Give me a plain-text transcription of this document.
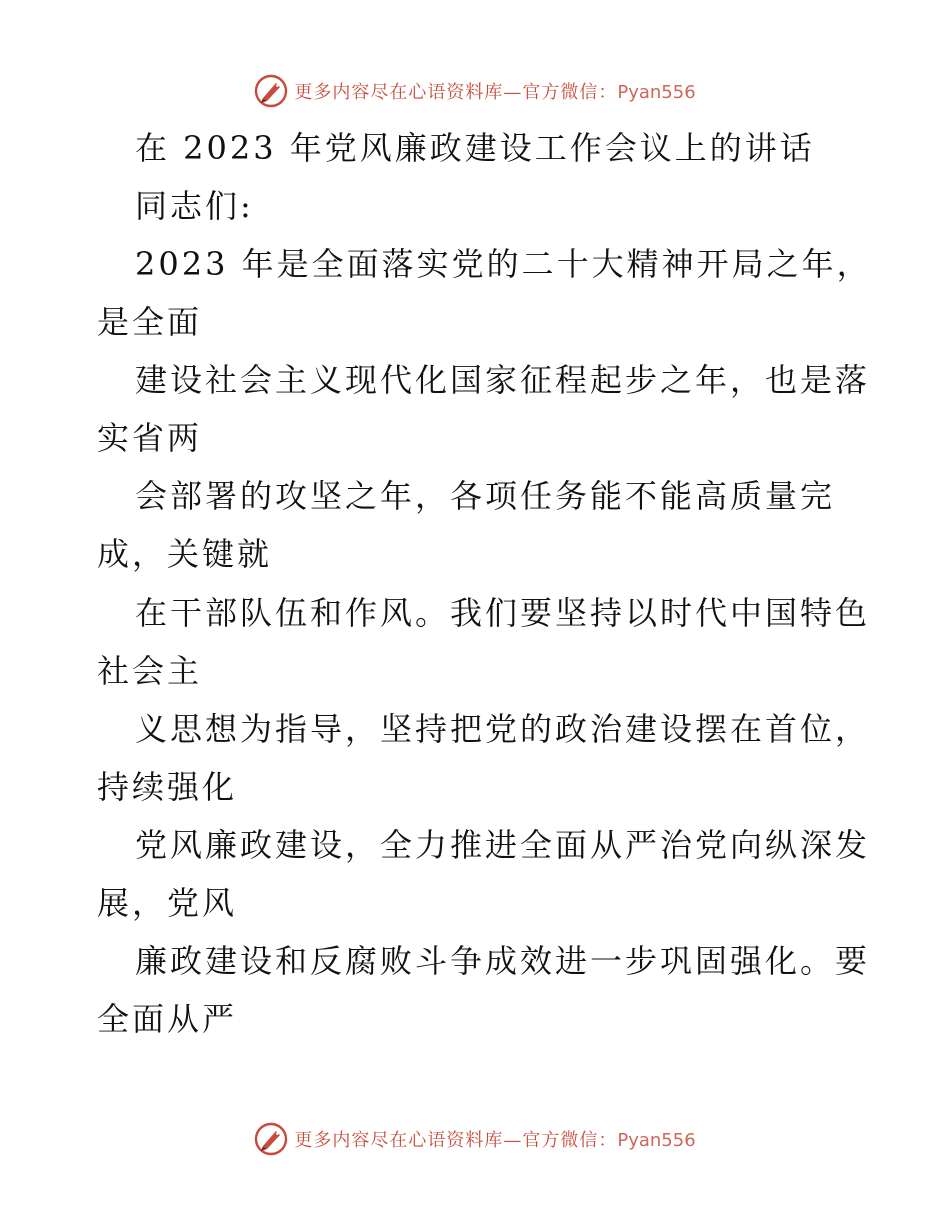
更多内容尽在心语资料库—官方微信：Pyan556
在 2023 年党风廉政建设工作会议上的讲话
同志们:
2023 年是全面落实党的二十大精神开局之年，
是全面
建设社会主义现代化国家征程起步之年，也是落
实省两
会部署的攻坚之年，各项任务能不能高质量完
成，关键就
在干部队伍和作风。我们要坚持以时代中国特色
社会主
义思想为指导，坚持把党的政治建设摆在首位，
持续强化
党风廉政建设，全力推进全面从严治党向纵深发
展，党风
廉政建设和反腐败斗争成效进一步巩固强化。要
全面从严
更多内容尽在心语资料库—官方微信：Pyan556
